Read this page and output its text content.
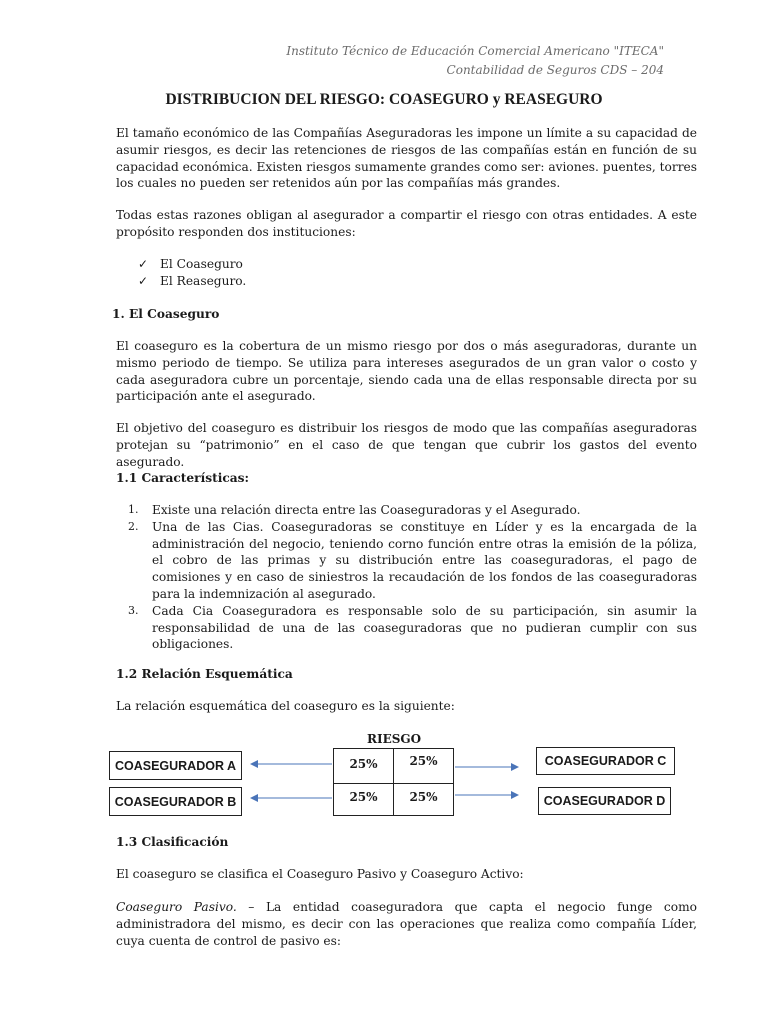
Instituto Técnico de Educación Comercial Americano "ITECA"
Contabilidad de Seguros CDS – 204
DISTRIBUCION DEL RIESGO: COASEGURO y REASEGURO
El tamaño económico de las Compañías Aseguradoras les impone un límite a su capacidad de asumir riesgos, es decir las retenciones de riesgos de las compañías están en función de su capacidad económica. Existen riesgos sumamente grandes como ser: aviones. puentes, torres los cuales no pueden ser retenidos aún por las compañías más grandes.
Todas estas razones obligan al asegurador a compartir el riesgo con otras entidades. A este propósito responden dos instituciones:
✓ El Coaseguro
✓ El Reaseguro.
1. El Coaseguro
El coaseguro es la cobertura de un mismo riesgo por dos o más aseguradoras, durante un mismo periodo de tiempo. Se utiliza para intereses asegurados de un gran valor o costo y cada aseguradora cubre un porcentaje, siendo cada una de ellas responsable directa por su participación ante el asegurado.
El objetivo del coaseguro es distribuir los riesgos de modo que las compañías aseguradoras protejan su “patrimonio” en el caso de que tengan que cubrir los gastos del evento asegurado.
1.1 Características:
1. Existe una relación directa entre las Coaseguradoras y el Asegurado.
2. Una de las Cias. Coaseguradoras se constituye en Líder y es la encargada de la administración del negocio, teniendo corno función entre otras la emisión de la póliza, el cobro de las primas y su distribución entre las coaseguradoras, el pago de comisiones y en caso de siniestros la recaudación de los fondos de las coaseguradoras para la indemnización al asegurado.
3. Cada Cia Coaseguradora es responsable solo de su participación, sin asumir la responsabilidad de una de las coaseguradoras que no pudieran cumplir con sus obligaciones.
1.2 Relación Esquemática
La relación esquemática del coaseguro es la siguiente:
RIESGO
COASEGURADOR A
COASEGURADOR B
COASEGURADOR C
COASEGURADOR D
25%	25%
25%	25%
1.3 Clasificación
El coaseguro se clasifica el Coaseguro Pasivo y Coaseguro Activo:
Coaseguro Pasivo. – La entidad coaseguradora que capta el negocio funge como administradora del mismo, es decir con las operaciones que realiza como compañía Líder, cuya cuenta de control de pasivo es:
